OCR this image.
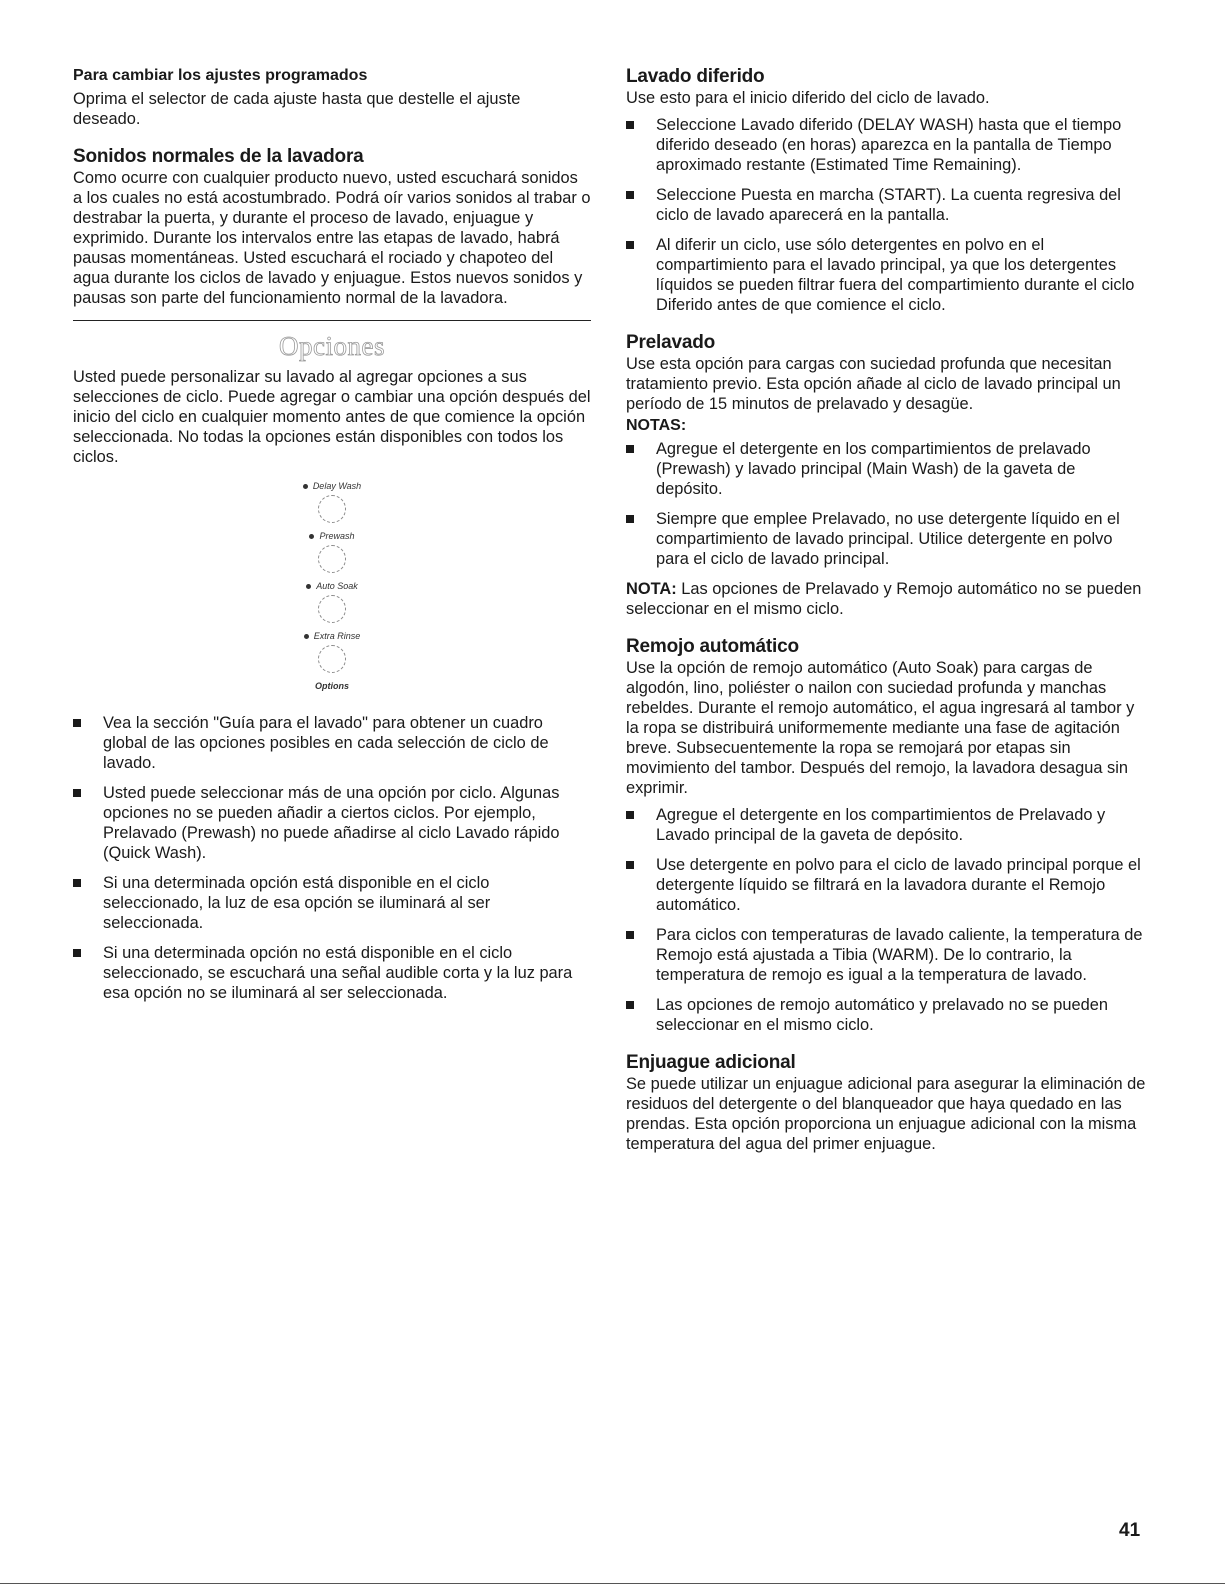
Para cambiar los ajustes programados

Oprima el selector de cada ajuste hasta que destelle el ajuste deseado.

Sonidos normales de la lavadora

Como ocurre con cualquier producto nuevo, usted escuchará sonidos a los cuales no está acostumbrado. Podrá oír varios sonidos al trabar o destrabar la puerta, y durante el proceso de lavado, enjuague y exprimido. Durante los intervalos entre las etapas de lavado, habrá pausas momentáneas. Usted escuchará el rociado y chapoteo del agua durante los ciclos de lavado y enjuague. Estos nuevos sonidos y pausas son parte del funcionamiento normal de la lavadora.

Opciones

Usted puede personalizar su lavado al agregar opciones a sus selecciones de ciclo. Puede agregar o cambiar una opción después del inicio del ciclo en cualquier momento antes de que comience la opción seleccionada. No todas la opciones están disponibles con todos los ciclos.

Delay Wash
Prewash
Auto Soak
Extra Rinse
Options
Vea la sección "Guía para el lavado" para obtener un cuadro global de las opciones posibles en cada selección de ciclo de lavado.
Usted puede seleccionar más de una opción por ciclo. Algunas opciones no se pueden añadir a ciertos ciclos. Por ejemplo, Prelavado (Prewash) no puede añadirse al ciclo Lavado rápido (Quick Wash).
Si una determinada opción está disponible en el ciclo seleccionado, la luz de esa opción se iluminará al ser seleccionada.
Si una determinada opción no está disponible en el ciclo seleccionado, se escuchará una señal audible corta y la luz para esa opción no se iluminará al ser seleccionada.
Lavado diferido

Use esto para el inicio diferido del ciclo de lavado.

Seleccione Lavado diferido (DELAY WASH) hasta que el tiempo diferido deseado (en horas) aparezca en la pantalla de Tiempo aproximado restante (Estimated Time Remaining).
Seleccione Puesta en marcha (START). La cuenta regresiva del ciclo de lavado aparecerá en la pantalla.
Al diferir un ciclo, use sólo detergentes en polvo en el compartimiento para el lavado principal, ya que los detergentes líquidos se pueden filtrar fuera del compartimiento durante el ciclo Diferido antes de que comience el ciclo.
Prelavado

Use esta opción para cargas con suciedad profunda que necesitan tratamiento previo. Esta opción añade al ciclo de lavado principal un período de 15 minutos de prelavado y desagüe.

NOTAS:
Agregue el detergente en los compartimientos de prelavado (Prewash) y lavado principal (Main Wash) de la gaveta de depósito.
Siempre que emplee Prelavado, no use detergente líquido en el compartimiento de lavado principal. Utilice detergente en polvo para el ciclo de lavado principal.

NOTA: Las opciones de Prelavado y Remojo automático no se pueden seleccionar en el mismo ciclo.

Remojo automático

Use la opción de remojo automático (Auto Soak) para cargas de algodón, lino, poliéster o nailon con suciedad profunda y manchas rebeldes. Durante el remojo automático, el agua ingresará al tambor y la ropa se distribuirá uniformemente mediante una fase de agitación breve. Subsecuentemente la ropa se remojará por etapas sin movimiento del tambor. Después del remojo, la lavadora desagua sin exprimir.

Agregue el detergente en los compartimientos de Prelavado y Lavado principal de la gaveta de depósito.
Use detergente en polvo para el ciclo de lavado principal porque el detergente líquido se filtrará en la lavadora durante el Remojo automático.
Para ciclos con temperaturas de lavado caliente, la temperatura de Remojo está ajustada a Tibia (WARM). De lo contrario, la temperatura de remojo es igual a la temperatura de lavado.
Las opciones de remojo automático y prelavado no se pueden seleccionar en el mismo ciclo.
Enjuague adicional

Se puede utilizar un enjuague adicional para asegurar la eliminación de residuos del detergente o del blanqueador que haya quedado en las prendas. Esta opción proporciona un enjuague adicional con la misma temperatura del agua del primer enjuague.

41
